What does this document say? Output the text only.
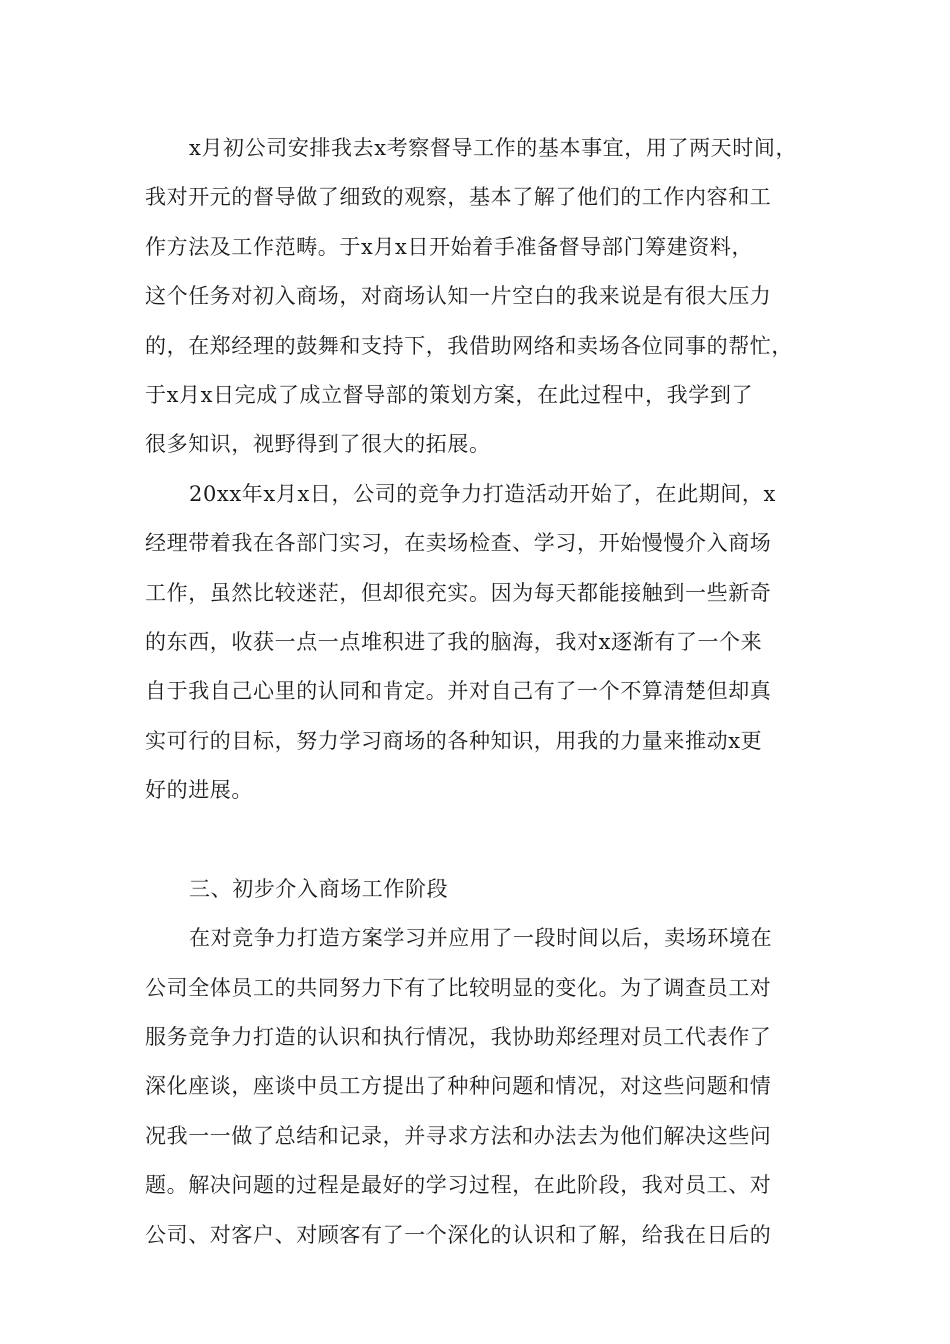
x月初公司安排我去x考察督导工作的基本事宜，用了两天时间，
我对开元的督导做了细致的观察，基本了解了他们的工作内容和工
作方法及工作范畴。于x月x日开始着手准备督导部门筹建资料，
这个任务对初入商场，对商场认知一片空白的我来说是有很大压力
的，在郑经理的鼓舞和支持下，我借助网络和卖场各位同事的帮忙，
于x月x日完成了成立督导部的策划方案，在此过程中，我学到了
很多知识，视野得到了很大的拓展。
20xx年x月x日，公司的竞争力打造活动开始了，在此期间，x
经理带着我在各部门实习，在卖场检查、学习，开始慢慢介入商场
工作，虽然比较迷茫，但却很充实。因为每天都能接触到一些新奇
的东西，收获一点一点堆积进了我的脑海，我对x逐渐有了一个来
自于我自己心里的认同和肯定。并对自己有了一个不算清楚但却真
实可行的目标，努力学习商场的各种知识，用我的力量来推动x更
好的进展。
三、初步介入商场工作阶段
在对竞争力打造方案学习并应用了一段时间以后，卖场环境在
公司全体员工的共同努力下有了比较明显的变化。为了调查员工对
服务竞争力打造的认识和执行情况，我协助郑经理对员工代表作了
深化座谈，座谈中员工方提出了种种问题和情况，对这些问题和情
况我一一做了总结和记录，并寻求方法和办法去为他们解决这些问
题。解决问题的过程是最好的学习过程，在此阶段，我对员工、对
公司、对客户、对顾客有了一个深化的认识和了解，给我在日后的
